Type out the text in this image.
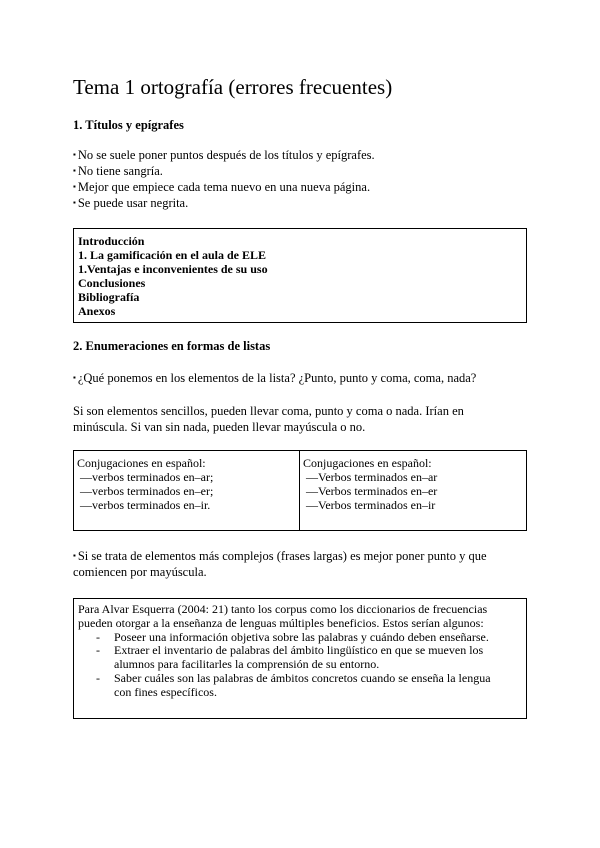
Tema 1 ortografía (errores frecuentes)
1. Títulos y epígrafes
▪ No se suele poner puntos después de los títulos y epígrafes.
▪ No tiene sangría.
▪ Mejor que empiece cada tema nuevo en una nueva página.
▪ Se puede usar negrita.
Introducción
1. La gamificación en el aula de ELE
1.Ventajas e inconvenientes de su uso
Conclusiones
Bibliografía
Anexos
2. Enumeraciones en formas de listas
▪ ¿Qué ponemos en los elementos de la lista? ¿Punto, punto y coma, coma, nada?
Si son elementos sencillos, pueden llevar coma, punto y coma o nada. Irían en
minúscula. Si van sin nada, pueden llevar mayúscula o no.
Conjugaciones en español:
—verbos terminados en–ar;
—verbos terminados en–er;
—verbos terminados en–ir.
Conjugaciones en español:
—Verbos terminados en–ar
—Verbos terminados en–er
—Verbos terminados en–ir
▪ Si se trata de elementos más complejos (frases largas) es mejor poner punto y que
comiencen por mayúscula.
Para Alvar Esquerra (2004: 21) tanto los corpus como los diccionarios de frecuencias
pueden otorgar a la enseñanza de lenguas múltiples beneficios. Estos serían algunos:
- Poseer una información objetiva sobre las palabras y cuándo deben enseñarse.
- Extraer el inventario de palabras del ámbito lingüístico en que se mueven los alumnos para facilitarles la comprensión de su entorno.
- Saber cuáles son las palabras de ámbitos concretos cuando se enseña la lengua con fines específicos.
